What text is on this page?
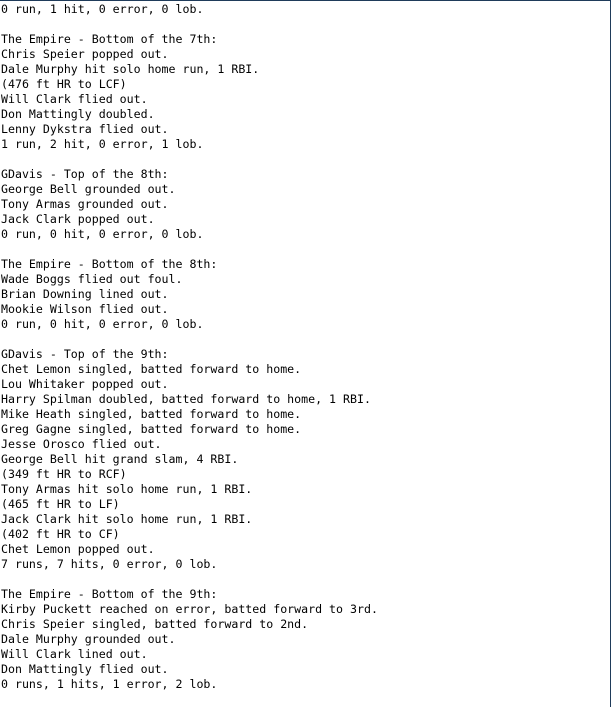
0 run, 1 hit, 0 error, 0 lob.
The Empire - Bottom of the 7th:
Chris Speier popped out.
Dale Murphy hit solo home run, 1 RBI.
(476 ft HR to LCF)
Will Clark flied out.
Don Mattingly doubled.
Lenny Dykstra flied out.
1 run, 2 hit, 0 error, 1 lob.
GDavis - Top of the 8th:
George Bell grounded out.
Tony Armas grounded out.
Jack Clark popped out.
0 run, 0 hit, 0 error, 0 lob.
The Empire - Bottom of the 8th:
Wade Boggs flied out foul.
Brian Downing lined out.
Mookie Wilson flied out.
0 run, 0 hit, 0 error, 0 lob.
GDavis - Top of the 9th:
Chet Lemon singled, batted forward to home.
Lou Whitaker popped out.
Harry Spilman doubled, batted forward to home, 1 RBI.
Mike Heath singled, batted forward to home.
Greg Gagne singled, batted forward to home.
Jesse Orosco flied out.
George Bell hit grand slam, 4 RBI.
(349 ft HR to RCF)
Tony Armas hit solo home run, 1 RBI.
(465 ft HR to LF)
Jack Clark hit solo home run, 1 RBI.
(402 ft HR to CF)
Chet Lemon popped out.
7 runs, 7 hits, 0 error, 0 lob.
The Empire - Bottom of the 9th:
Kirby Puckett reached on error, batted forward to 3rd.
Chris Speier singled, batted forward to 2nd.
Dale Murphy grounded out.
Will Clark lined out.
Don Mattingly flied out.
0 runs, 1 hits, 1 error, 2 lob.
